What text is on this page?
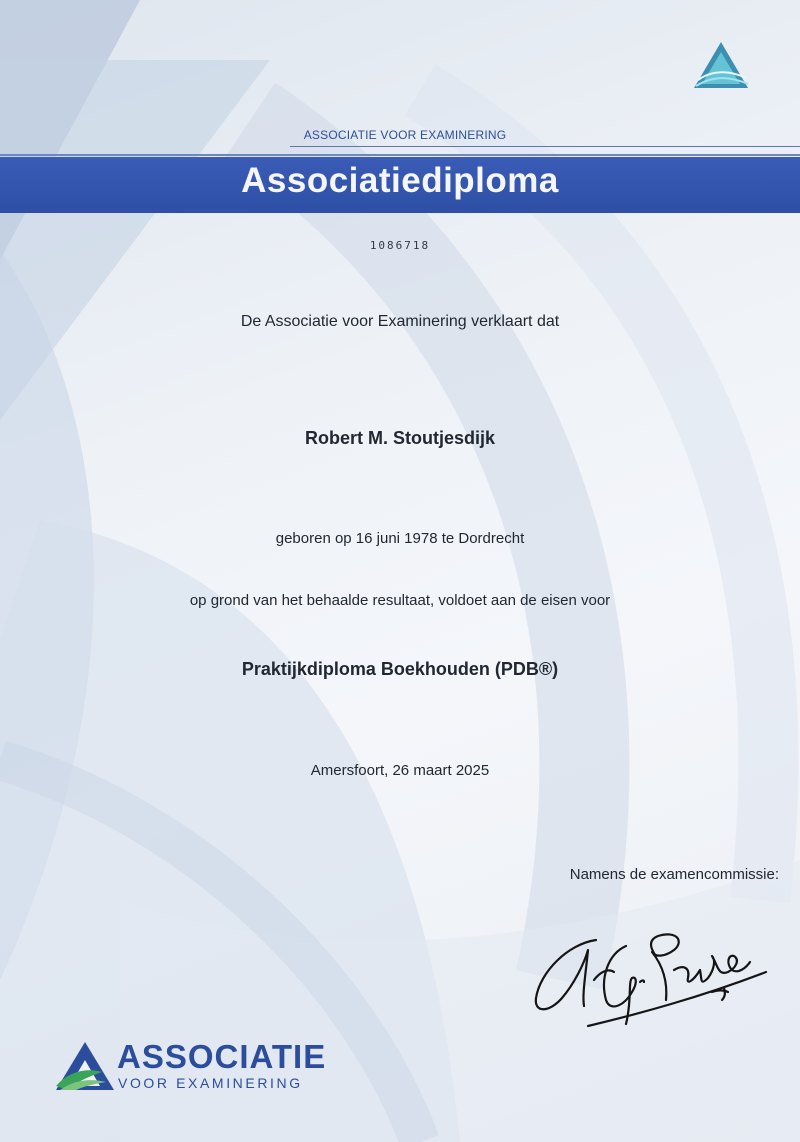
ASSOCIATIE VOOR EXAMINERING
Associatiediploma
1086718
De Associatie voor Examinering verklaart dat
Robert M. Stoutjesdijk
geboren op 16 juni 1978 te Dordrecht
op grond van het behaalde resultaat, voldoet aan de eisen voor
Praktijkdiploma Boekhouden (PDB®)
Amersfoort, 26 maart 2025
Namens de examencommissie:
ASSOCIATIE
VOOR EXAMINERING
